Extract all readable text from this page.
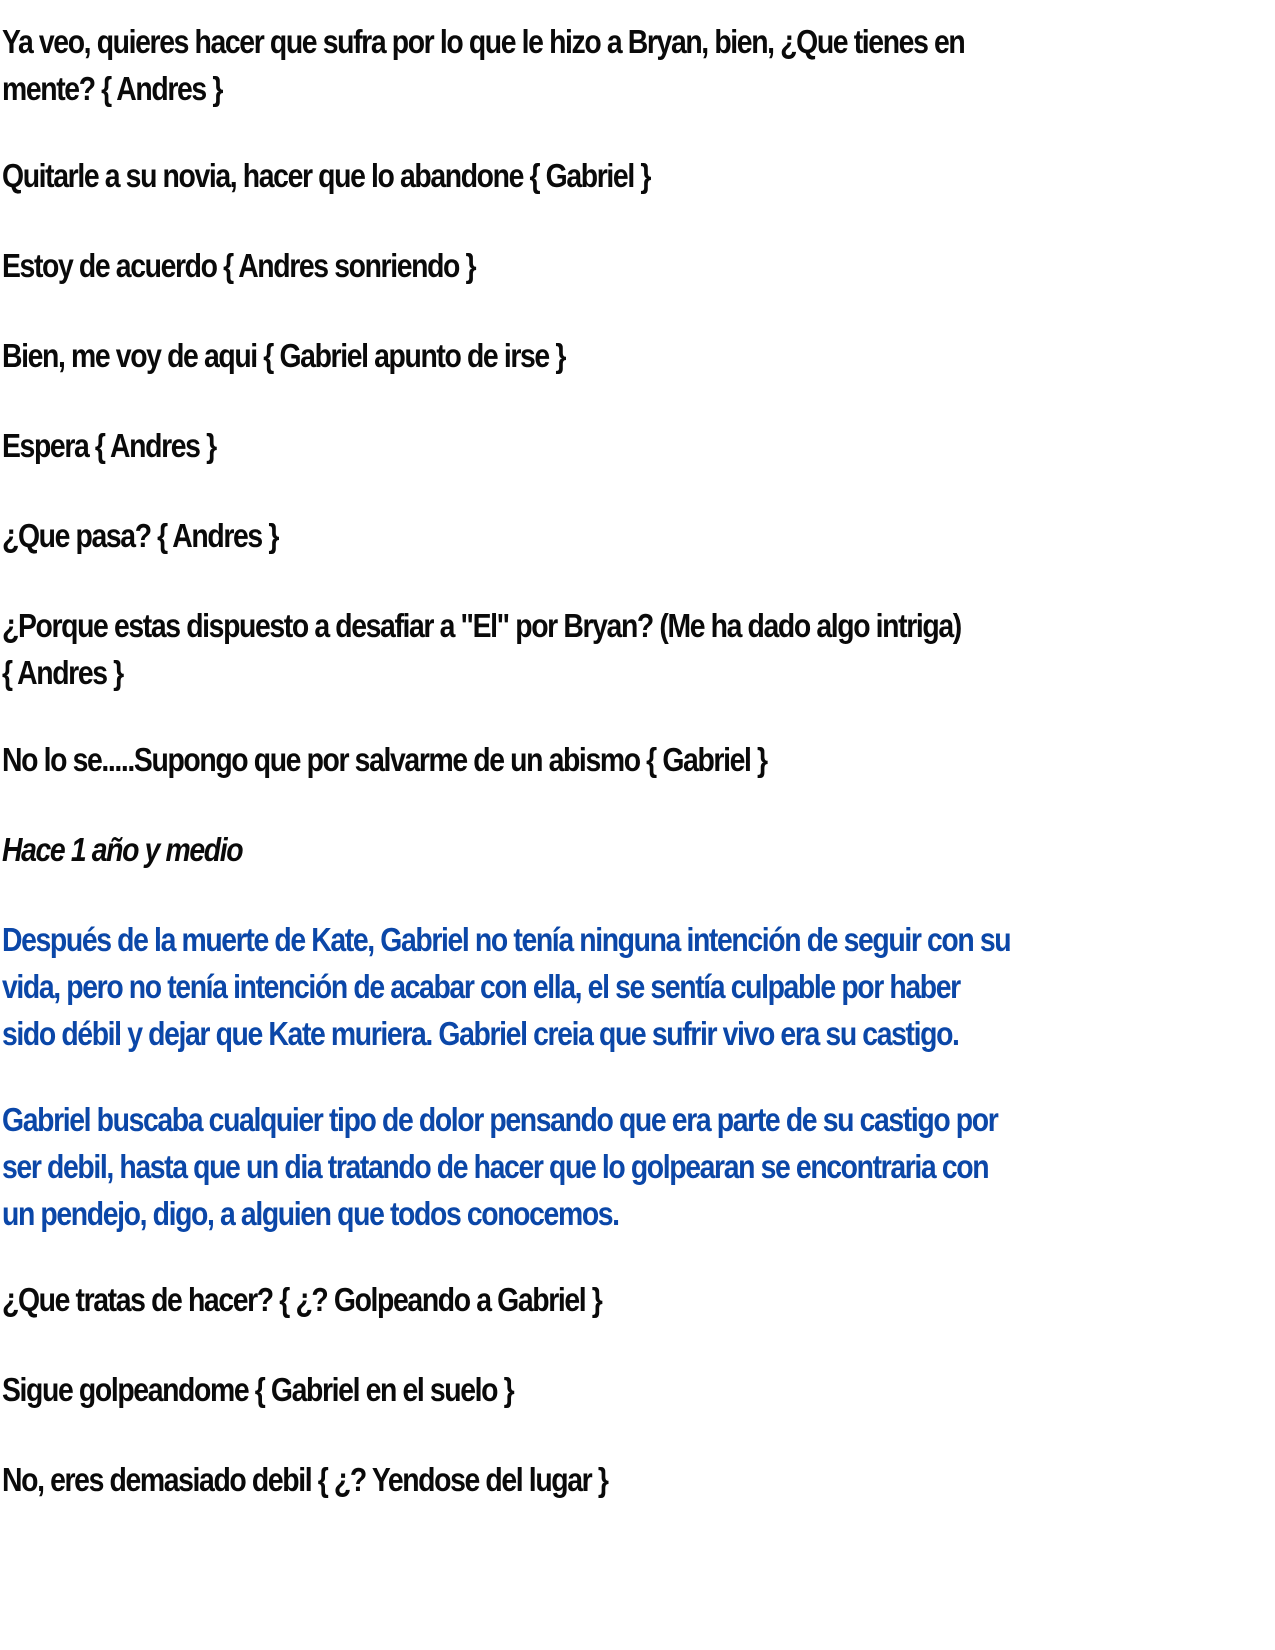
Ya veo, quieres hacer que sufra por lo que le hizo a Bryan, bien, ¿Que tienes en
mente? { Andres }

Quitarle a su novia, hacer que lo abandone { Gabriel }

Estoy de acuerdo { Andres sonriendo }

Bien, me voy de aqui { Gabriel apunto de irse }

Espera { Andres }

¿Que pasa? { Andres }

¿Porque estas dispuesto a desafiar a "El" por Bryan? (Me ha dado algo intriga)
{ Andres }

No lo se.....Supongo que por salvarme de un abismo { Gabriel }

Hace 1 año y medio

Después de la muerte de Kate, Gabriel no tenía ninguna intención de seguir con su
vida, pero no tenía intención de acabar con ella, el se sentía culpable por haber
sido débil y dejar que Kate muriera. Gabriel creia que sufrir vivo era su castigo.

Gabriel buscaba cualquier tipo de dolor pensando que era parte de su castigo por
ser debil, hasta que un dia tratando de hacer que lo golpearan se encontraria con
un pendejo, digo, a alguien que todos conocemos.

¿Que tratas de hacer? { ¿? Golpeando a Gabriel }

Sigue golpeandome { Gabriel en el suelo }

No, eres demasiado debil { ¿? Yendose del lugar }
